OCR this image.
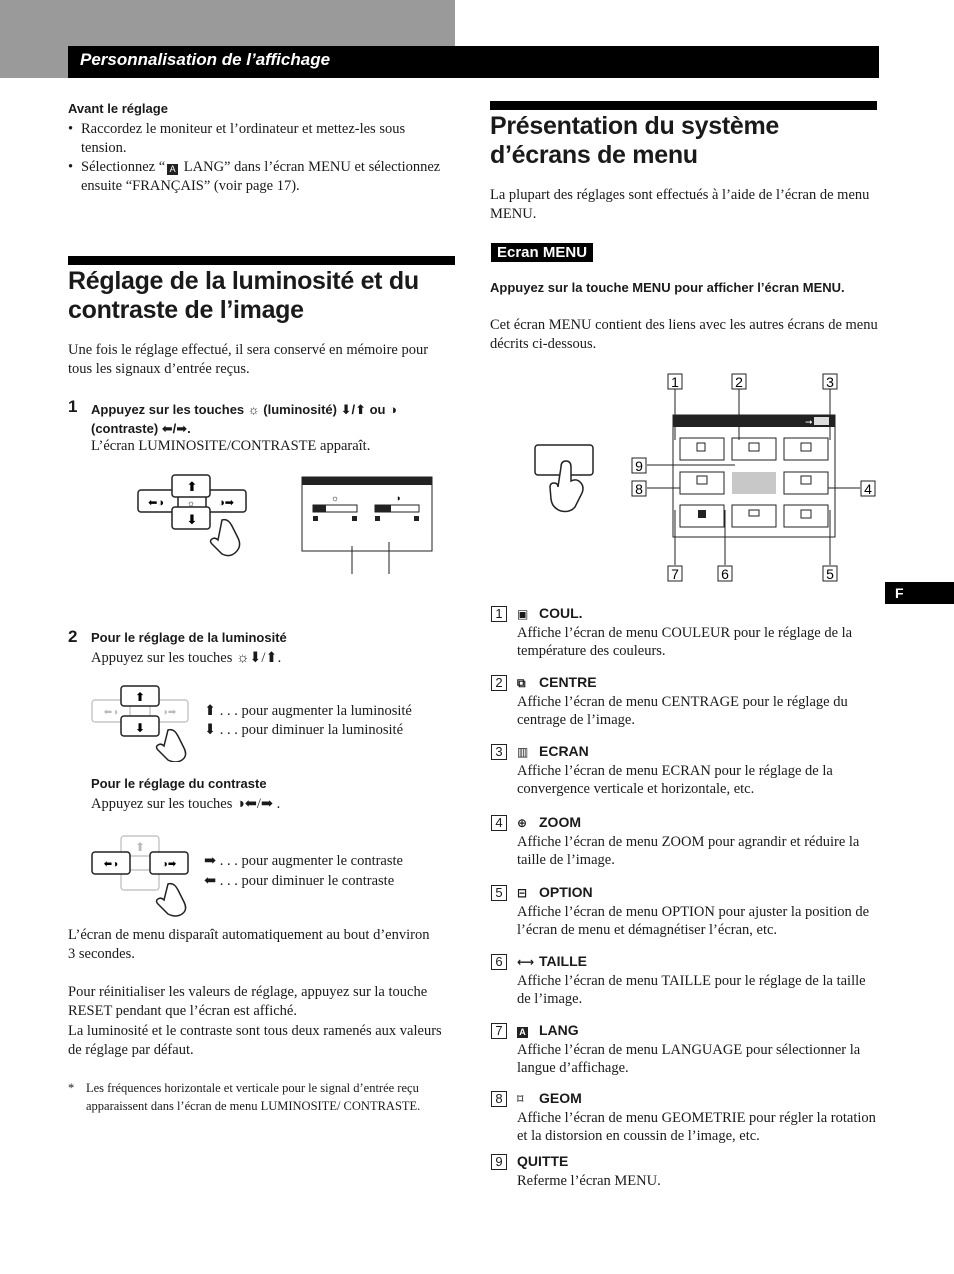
Personnalisation de l’affichage
F
Avant le réglage
• Raccordez le moniteur et l’ordinateur et mettez-les sous tension.
• Sélectionnez “ A LANG” dans l’écran MENU et sélectionnez ensuite “FRANÇAIS” (voir page 17).
Réglage de la luminosité et du contraste de l’image
Une fois le réglage effectué, il sera conservé en mémoire pour tous les signaux d’entrée reçus.
1 Appuyez sur les touches ☼ (luminosité) ⬇/⬆ ou ◑ (contraste) ⬅/➡.
L’écran LUMINOSITE/CONTRASTE apparaît.
⬆
⬇
⬅◑	◑➡
☼	☼	◑
2 Pour le réglage de la luminosité
Appuyez sur les touches ☼⬇/⬆.
⬅◑	◑➡
⬆
⬇
⬆ . . . pour augmenter la luminosité
⬇ . . . pour diminuer la luminosité
Pour le réglage du contraste
Appuyez sur les touches ◑⬅/➡ .
⬆
⬅◑	◑➡ ➡ . . . pour augmenter le contraste
⬅ . . . pour diminuer le contraste
L’écran de menu disparaît automatiquement au bout d’environ 3 secondes.
Pour réinitialiser les valeurs de réglage, appuyez sur la touche RESET pendant que l’écran est affiché.
La luminosité et le contraste sont tous deux ramenés aux valeurs de réglage par défaut.
* Les fréquences horizontale et verticale pour le signal d’entrée reçu apparaissent dans l’écran de menu LUMINOSITE/ CONTRASTE.
Présentation du système d’écrans de menu
La plupart des réglages sont effectués à l’aide de l’écran de menu MENU.
Ecran MENU
Appuyez sur la touche MENU pour afficher l’écran MENU.
Cet écran MENU contient des liens avec les autres écrans de menu décrits ci-dessous.
➞
1	2	3
9
8	4
7	6	5
1	▣ COUL.
Affiche l’écran de menu COULEUR pour le réglage de la température des couleurs.
2	⧉ CENTRE
Affiche l’écran de menu CENTRAGE pour le réglage du centrage de l’image.
3	▥ ECRAN
Affiche l’écran de menu ECRAN pour le réglage de la convergence verticale et horizontale, etc.
4	⊕ ZOOM
Affiche l’écran de menu ZOOM pour agrandir et réduire la taille de l’image.
5	⊟ OPTION
Affiche l’écran de menu OPTION pour ajuster la position de l’écran de menu et démagnétiser l’écran, etc.
6	⟷ TAILLE
Affiche l’écran de menu TAILLE pour le réglage de la taille de l’image.
7	A LANG
Affiche l’écran de menu LANGUAGE pour sélectionner la langue d’affichage.
8	⌑ GEOM
Affiche l’écran de menu GEOMETRIE pour régler la rotation et la distorsion en coussin de l’image, etc.
9	QUITTE
Referme l’écran MENU.
